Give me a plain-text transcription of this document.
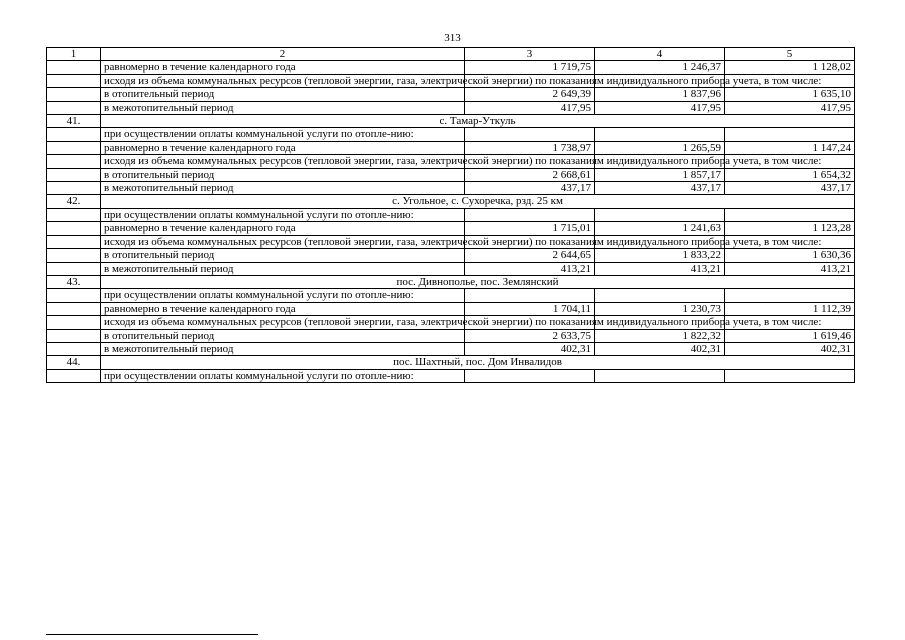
313
1	2	3	4	5
	равномерно в течение календарного года	1 719,75	1 246,37	1 128,02
	исходя из объема коммунальных ресурсов (тепловой энергии, газа, электрической энергии) по показаниям индивидуального прибора учета, в том числе:			
	в отопительный период	2 649,39	1 837,96	1 635,10
	в межотопительный период	417,95	417,95	417,95
41.	с. Тамар-Уткуль			
	при осуществлении оплаты коммунальной услуги по отопле-нию:			
	равномерно в течение календарного года	1 738,97	1 265,59	1 147,24
	исходя из объема коммунальных ресурсов (тепловой энергии, газа, электрической энергии) по показаниям индивидуального прибора учета, в том числе:			
	в отопительный период	2 668,61	1 857,17	1 654,32
	в межотопительный период	437,17	437,17	437,17
42.	с. Угольное, с. Сухоречка, рзд. 25 км			
	при осуществлении оплаты коммунальной услуги по отопле-нию:			
	равномерно в течение календарного года	1 715,01	1 241,63	1 123,28
	исходя из объема коммунальных ресурсов (тепловой энергии, газа, электрической энергии) по показаниям индивидуального прибора учета, в том числе:			
	в отопительный период	2 644,65	1 833,22	1 630,36
	в межотопительный период	413,21	413,21	413,21
43.	пос. Дивнополье, пос. Землянский			
	при осуществлении оплаты коммунальной услуги по отопле-нию:			
	равномерно в течение календарного года	1 704,11	1 230,73	1 112,39
	исходя из объема коммунальных ресурсов (тепловой энергии, газа, электрической энергии) по показаниям индивидуального прибора учета, в том числе:			
	в отопительный период	2 633,75	1 822,32	1 619,46
	в межотопительный период	402,31	402,31	402,31
44.	пос. Шахтный, пос. Дом Инвалидов			
	при осуществлении оплаты коммунальной услуги по отопле-нию:			
